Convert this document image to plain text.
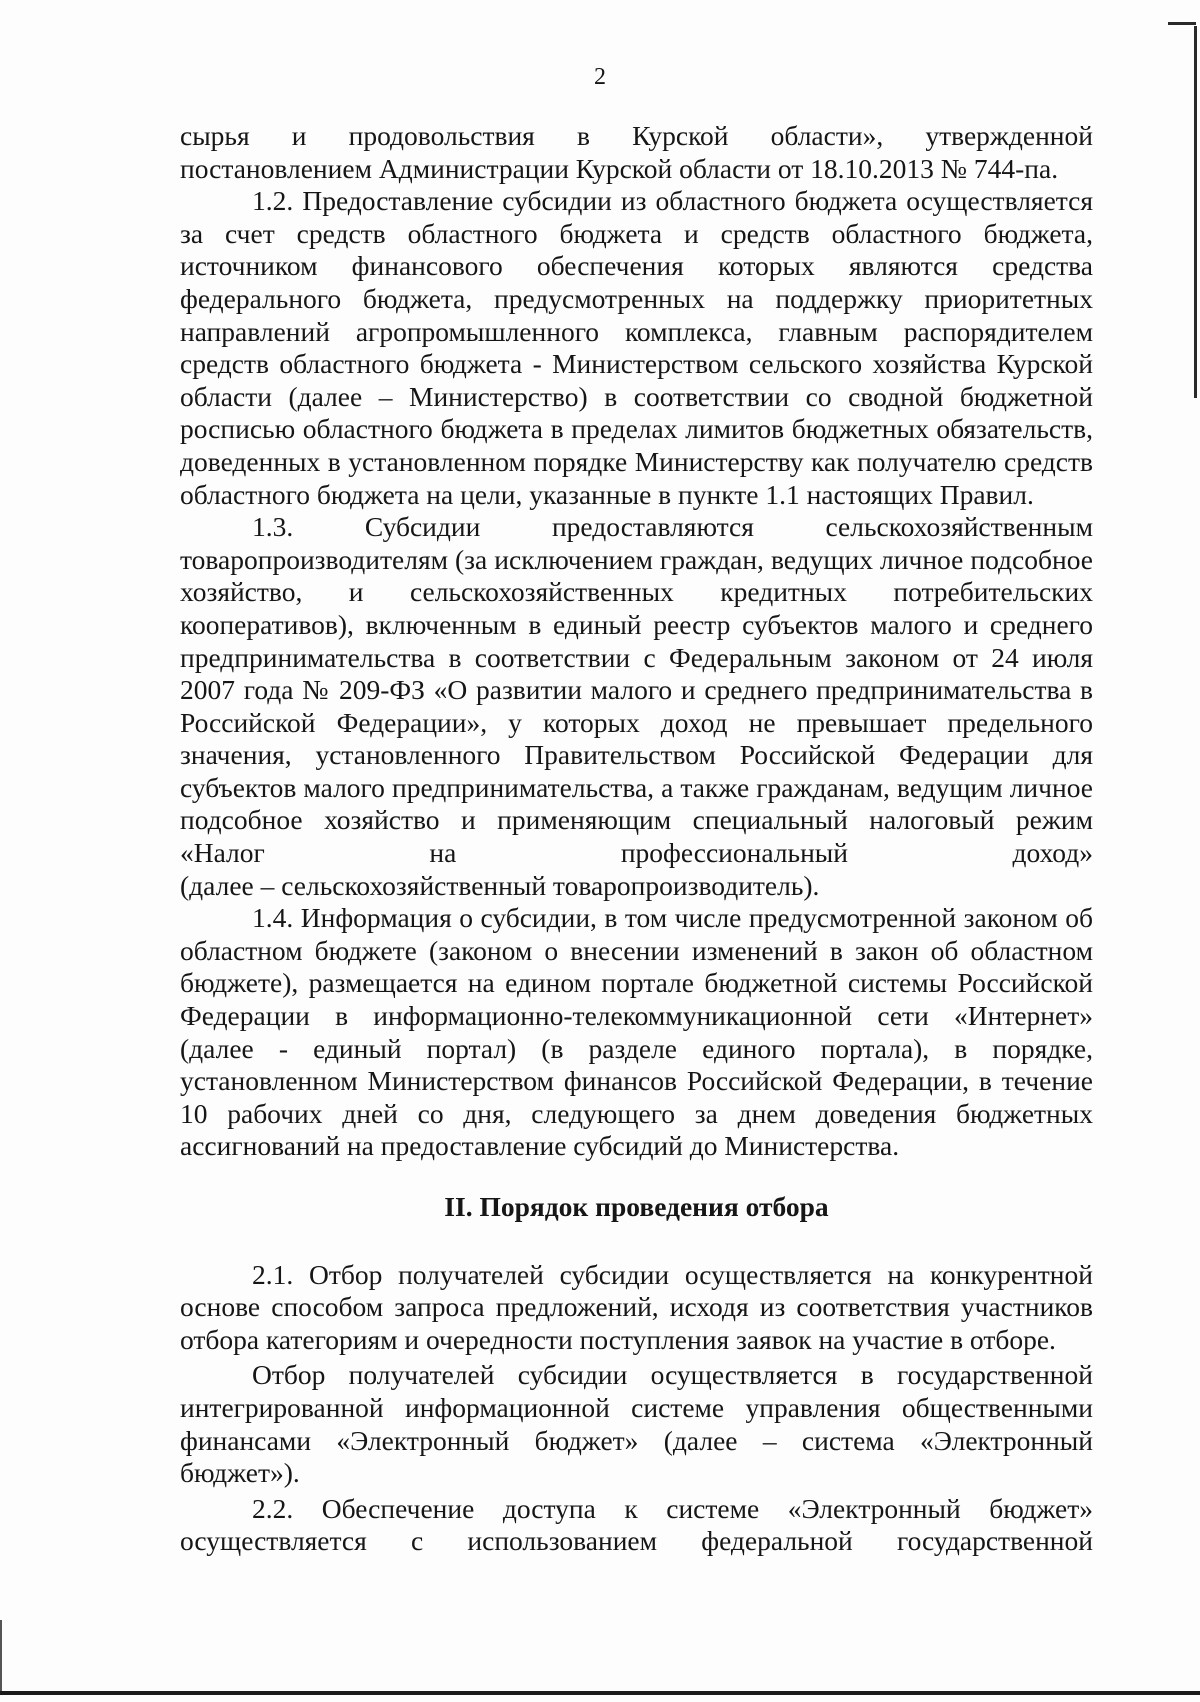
2

сырья и продовольствия в Курской области», утвержденной

постановлением Администрации Курской области от 18.10.2013 № 744-па.

1.2. Предоставление субсидии из областного бюджета осуществляется за счет средств областного бюджета и средств областного бюджета, источником финансового обеспечения которых являются средства федерального бюджета, предусмотренных на поддержку приоритетных направлений агропромышленного комплекса, главным распорядителем средств областного бюджета - Министерством сельского хозяйства Курской области (далее – Министерство) в соответствии со сводной бюджетной росписью областного бюджета в пределах лимитов бюджетных обязательств, доведенных в установленном порядке Министерству как получателю средств областного бюджета на цели, указанные в пункте 1.1 настоящих Правил.

1.3. Субсидии предоставляются сельскохозяйственным товаропроизводителям (за исключением граждан, ведущих личное подсобное хозяйство, и сельскохозяйственных кредитных потребительских кооперативов), включенным в единый реестр субъектов малого и среднего предпринимательства в соответствии с Федеральным законом от 24 июля 2007 года № 209-ФЗ «О развитии малого и среднего предпринимательства в Российской Федерации», у которых доход не превышает предельного значения, установленного Правительством Российской Федерации для субъектов малого предпринимательства, а также гражданам, ведущим личное подсобное хозяйство и применяющим специальный налоговый режим «Налог на профессиональный доход»

(далее – сельскохозяйственный товаропроизводитель).

1.4. Информация о субсидии, в том числе предусмотренной законом об областном бюджете (законом о внесении изменений в закон об областном бюджете), размещается на едином портале бюджетной системы Российской Федерации в информационно-телекоммуникационной сети «Интернет» (далее - единый портал) (в разделе единого портала), в порядке, установленном Министерством финансов Российской Федерации, в течение 10 рабочих дней со дня, следующего за днем доведения бюджетных ассигнований на предоставление субсидий до Министерства.

II. Порядок проведения отбора

2.1. Отбор получателей субсидии осуществляется на конкурентной основе способом запроса предложений, исходя из соответствия участников отбора категориям и очередности поступления заявок на участие в отборе.

Отбор получателей субсидии осуществляется в государственной интегрированной информационной системе управления общественными финансами «Электронный бюджет» (далее – система «Электронный бюджет»).

2.2. Обеспечение доступа к системе «Электронный бюджет» осуществляется с использованием федеральной государственной
